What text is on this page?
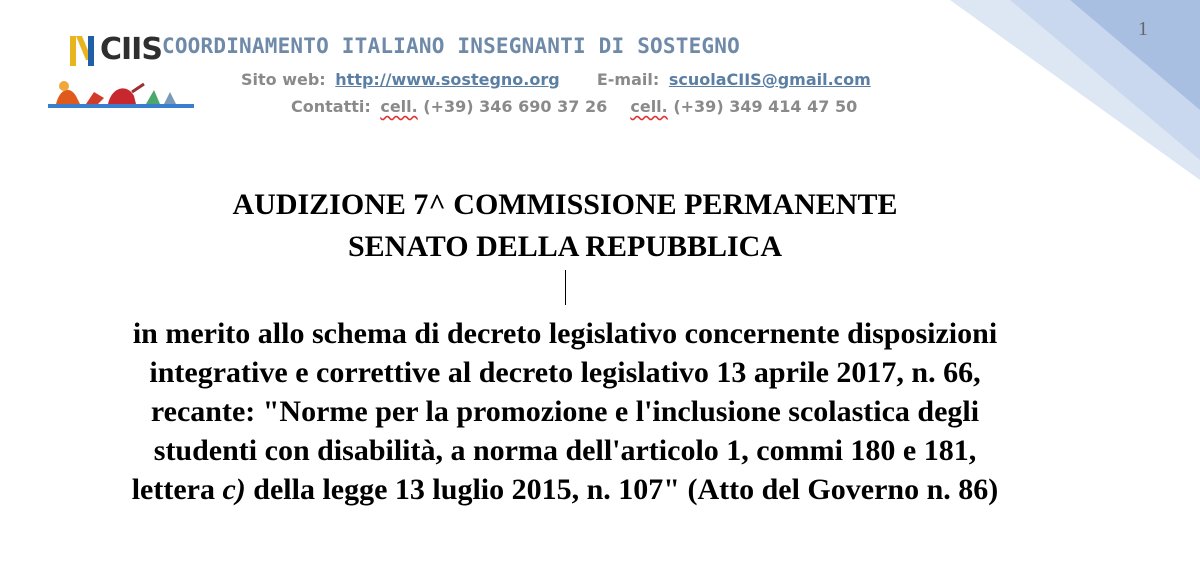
1
CIIS COORDINAMENTO ITALIANO INSEGNANTI DI SOSTEGNO
Sito web: http://www.sostegno.org E-mail: scuolaCIIS@gmail.com
Contatti: cell. (+39) 346 690 37 26 cell. (+39) 349 414 47 50
AUDIZIONE 7^ COMMISSIONE PERMANENTE
SENATO DELLA REPUBBLICA
in merito allo schema di decreto legislativo concernente disposizioni
integrative e correttive al decreto legislativo 13 aprile 2017, n. 66,
recante: "Norme per la promozione e l'inclusione scolastica degli
studenti con disabilità, a norma dell'articolo 1, commi 180 e 181,
lettera c) della legge 13 luglio 2015, n. 107" (Atto del Governo n. 86)
